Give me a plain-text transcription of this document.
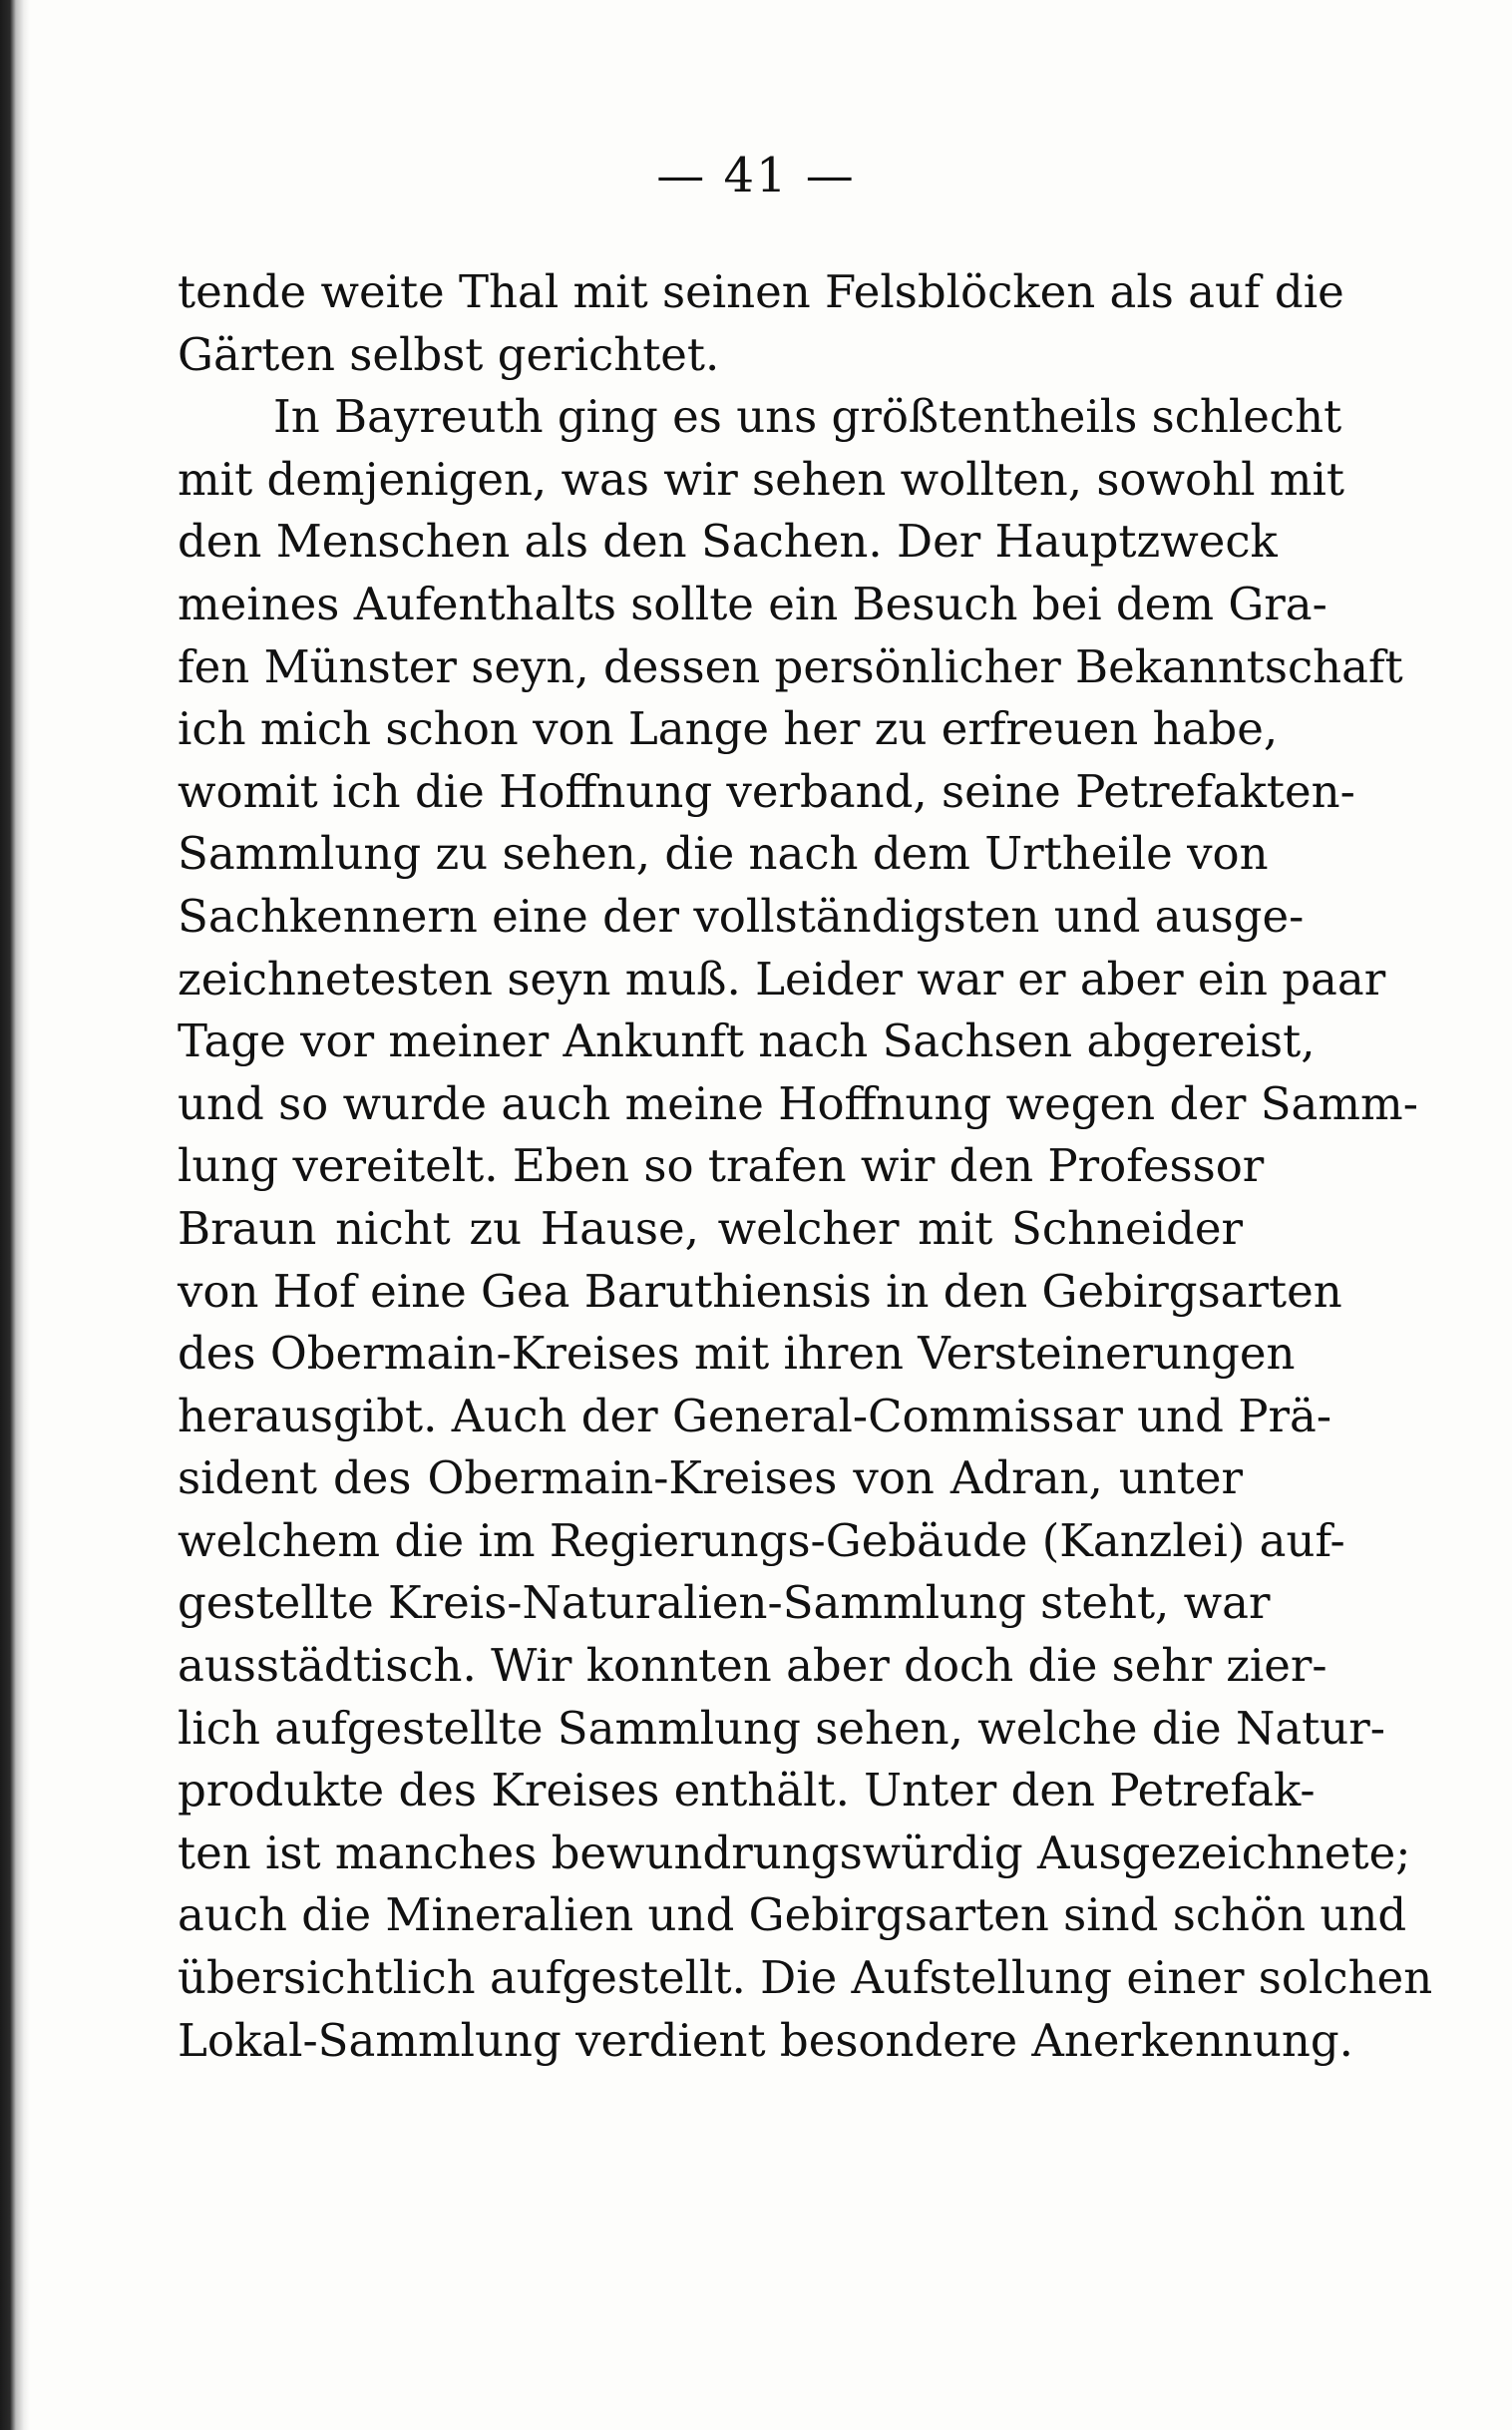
— 41 —
tende weite Thal mit seinen Felsblöcken als auf die
Gärten selbst gerichtet.
In Bayreuth ging es uns größtentheils schlecht
mit demjenigen, was wir sehen wollten, sowohl mit
den Menschen als den Sachen. Der Hauptzweck
meines Aufenthalts sollte ein Besuch bei dem Gra-
fen Münster seyn, dessen persönlicher Bekanntschaft
ich mich schon von Lange her zu erfreuen habe,
womit ich die Hoffnung verband, seine Petrefakten-
Sammlung zu sehen, die nach dem Urtheile von
Sachkennern eine der vollständigsten und ausge-
zeichnetesten seyn muß. Leider war er aber ein paar
Tage vor meiner Ankunft nach Sachsen abgereist,
und so wurde auch meine Hoffnung wegen der Samm-
lung vereitelt. Eben so trafen wir den Professor
Braun nicht zu Hause, welcher mit Schneider
von Hof eine Gea Baruthiensis in den Gebirgsarten
des Obermain-Kreises mit ihren Versteinerungen
herausgibt. Auch der General-Commissar und Prä-
sident des Obermain-Kreises von Adran, unter
welchem die im Regierungs-Gebäude (Kanzlei) auf-
gestellte Kreis-Naturalien-Sammlung steht, war
ausstädtisch. Wir konnten aber doch die sehr zier-
lich aufgestellte Sammlung sehen, welche die Natur-
produkte des Kreises enthält. Unter den Petrefak-
ten ist manches bewundrungswürdig Ausgezeichnete;
auch die Mineralien und Gebirgsarten sind schön und
übersichtlich aufgestellt. Die Aufstellung einer solchen
Lokal-Sammlung verdient besondere Anerkennung.
